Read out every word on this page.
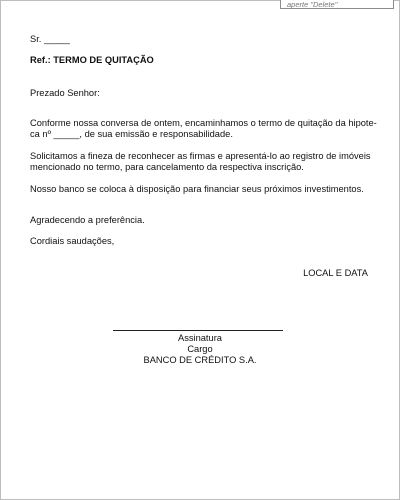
aperte "Delete"
Sr. _____
Ref.: TERMO DE QUITAÇÃO
Prezado Senhor:
Conforme nossa conversa de ontem, encaminhamos o termo de quitação da hipote-
ca nº _____, de sua emissão e responsabilidade.
Solicitamos a fineza de reconhecer as firmas e apresentá-lo ao registro de imóveis
mencionado no termo, para cancelamento da respectiva inscrição.
Nosso banco se coloca à disposição para financiar seus próximos investimentos.
Agradecendo a preferência.
Cordiais saudações,
LOCAL E DATA
Assinatura
Cargo
BANCO DE CRÉDITO S.A.
